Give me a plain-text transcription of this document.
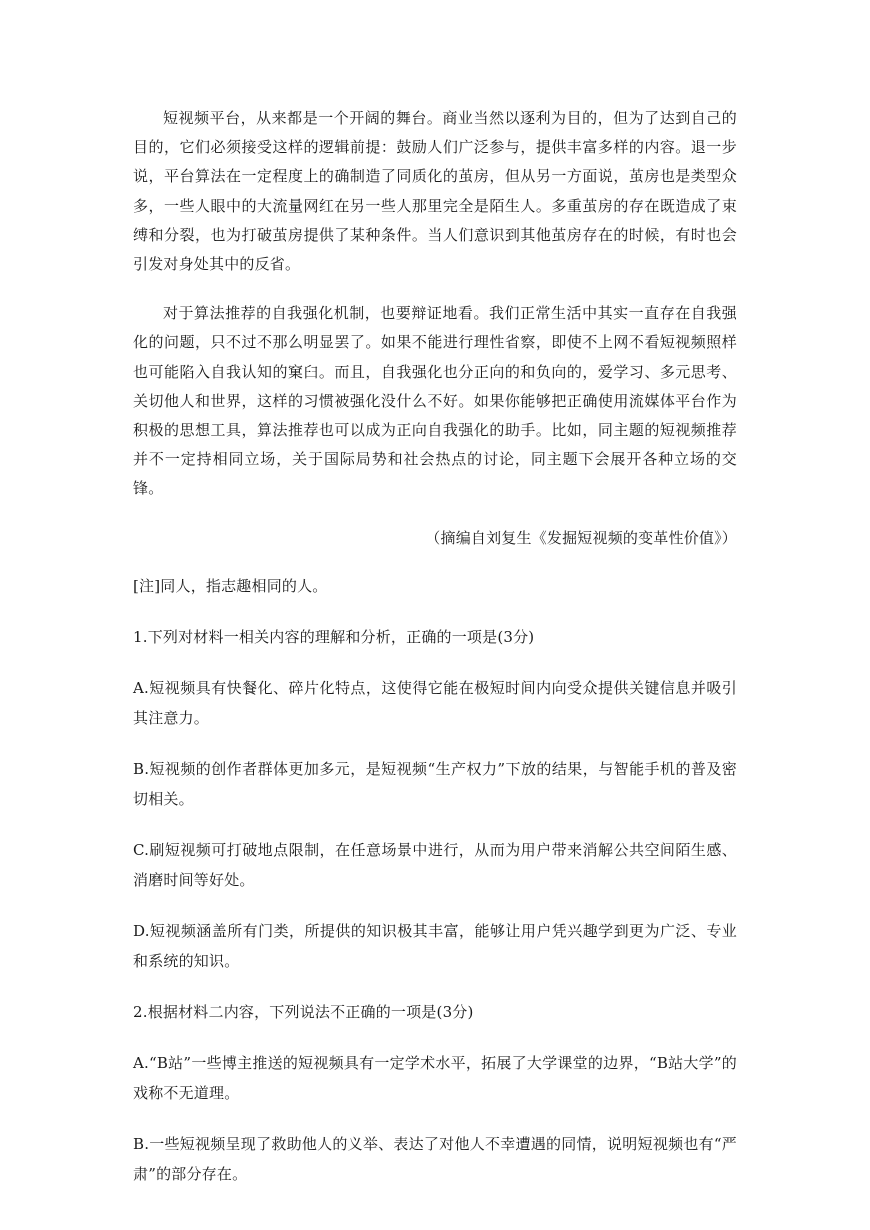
短视频平台，从来都是一个开阔的舞台。商业当然以逐利为目的，但为了达到自己的目的，它们必须接受这样的逻辑前提：鼓励人们广泛参与，提供丰富多样的内容。退一步说，平台算法在一定程度上的确制造了同质化的茧房，但从另一方面说，茧房也是类型众多，一些人眼中的大流量网红在另一些人那里完全是陌生人。多重茧房的存在既造成了束缚和分裂，也为打破茧房提供了某种条件。当人们意识到其他茧房存在的时候，有时也会引发对身处其中的反省。

对于算法推荐的自我强化机制，也要辩证地看。我们正常生活中其实一直存在自我强化的问题，只不过不那么明显罢了。如果不能进行理性省察，即使不上网不看短视频照样也可能陷入自我认知的窠臼。而且，自我强化也分正向的和负向的，爱学习、多元思考、关切他人和世界，这样的习惯被强化没什么不好。如果你能够把正确使用流媒体平台作为积极的思想工具，算法推荐也可以成为正向自我强化的助手。比如，同主题的短视频推荐并不一定持相同立场，关于国际局势和社会热点的讨论，同主题下会展开各种立场的交锋。

（摘编自刘复生《发掘短视频的变革性价值》）

[注]同人，指志趣相同的人。

1.下列对材料一相关内容的理解和分析，正确的一项是(3分)

A.短视频具有快餐化、碎片化特点，这使得它能在极短时间内向受众提供关键信息并吸引其注意力。

B.短视频的创作者群体更加多元，是短视频“生产权力”下放的结果，与智能手机的普及密切相关。

C.刷短视频可打破地点限制，在任意场景中进行，从而为用户带来消解公共空间陌生感、消磨时间等好处。

D.短视频涵盖所有门类，所提供的知识极其丰富，能够让用户凭兴趣学到更为广泛、专业和系统的知识。

2.根据材料二内容，下列说法不正确的一项是(3分)

A.“B站”一些博主推送的短视频具有一定学术水平，拓展了大学课堂的边界，“B站大学”的戏称不无道理。

B.一些短视频呈现了救助他人的义举、表达了对他人不幸遭遇的同情，说明短视频也有“严肃”的部分存在。
